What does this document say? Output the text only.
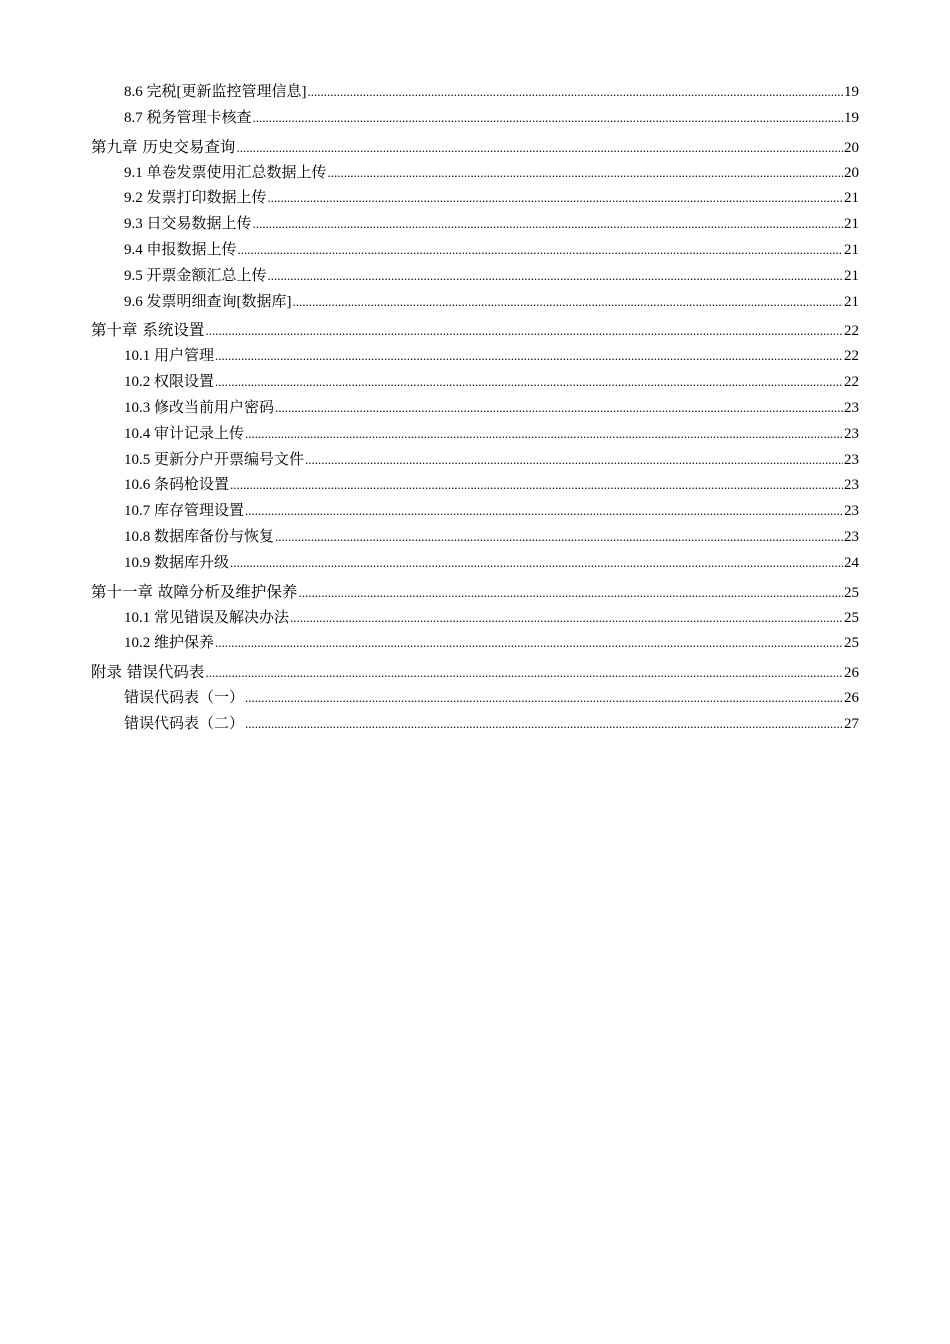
8.6 完税[更新监控管理信息] .....	19
8.7 税务管理卡核查 .....	19
第九章 历史交易查询 .....	20
9.1 单卷发票使用汇总数据上传 .....	20
9.2 发票打印数据上传 .....	21
9.3 日交易数据上传 .....	21
9.4 申报数据上传 .....	21
9.5 开票金额汇总上传 .....	21
9.6 发票明细查询[数据库] .....	21
第十章 系统设置 .....	22
10.1 用户管理 .....	22
10.2 权限设置 .....	22
10.3 修改当前用户密码 .....	23
10.4 审计记录上传 .....	23
10.5 更新分户开票编号文件 .....	23
10.6 条码枪设置 .....	23
10.7 库存管理设置 .....	23
10.8 数据库备份与恢复 .....	23
10.9 数据库升级 .....	24
第十一章 故障分析及维护保养 .....	25
10.1 常见错误及解决办法 .....	25
10.2 维护保养 .....	25
附录 错误代码表 .....	26
错误代码表（一） .....	26
错误代码表（二） .....	27
